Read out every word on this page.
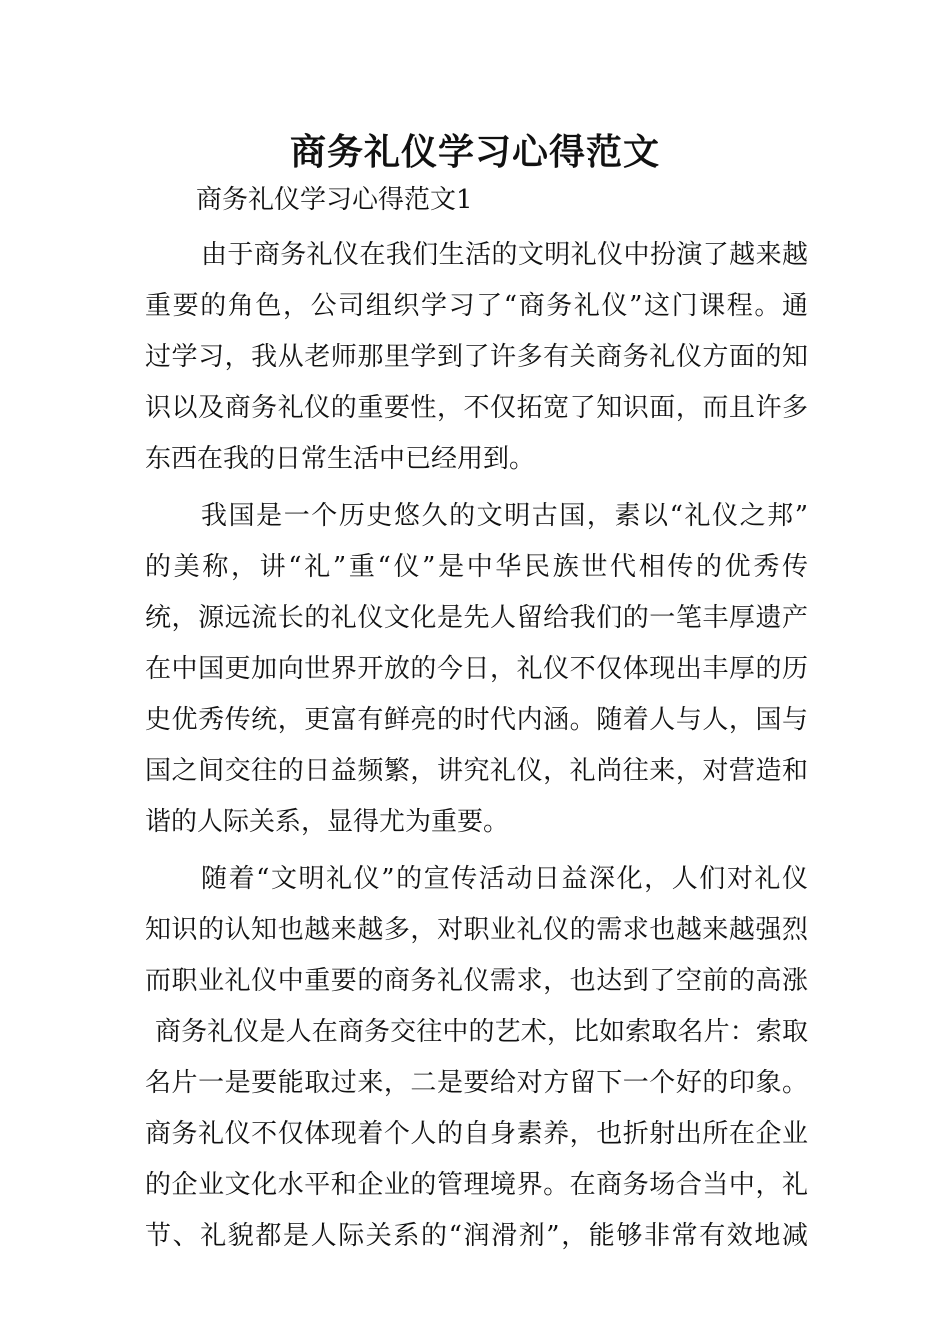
商务礼仪学习心得范文
商务礼仪学习心得范文1
由于商务礼仪在我们生活的文明礼仪中扮演了越来越
重要的角色，公司组织学习了“商务礼仪”这门课程。通
过学习，我从老师那里学到了许多有关商务礼仪方面的知
识以及商务礼仪的重要性，不仅拓宽了知识面，而且许多
东西在我的日常生活中已经用到。
我国是一个历史悠久的文明古国，素以“礼仪之邦”
的美称，讲“礼”重“仪”是中华民族世代相传的优秀传
统，源远流长的礼仪文化是先人留给我们的一笔丰厚遗产
在中国更加向世界开放的今日，礼仪不仅体现出丰厚的历
史优秀传统，更富有鲜亮的时代内涵。随着人与人，国与
国之间交往的日益频繁，讲究礼仪，礼尚往来，对营造和
谐的人际关系，显得尤为重要。
随着“文明礼仪”的宣传活动日益深化，人们对礼仪
知识的认知也越来越多，对职业礼仪的需求也越来越强烈
而职业礼仪中重要的商务礼仪需求，也达到了空前的高涨
商务礼仪是人在商务交往中的艺术，比如索取名片：索取
名片一是要能取过来，二是要给对方留下一个好的印象。
商务礼仪不仅体现着个人的自身素养，也折射出所在企业
的企业文化水平和企业的管理境界。在商务场合当中，礼
节、礼貌都是人际关系的“润滑剂”，能够非常有效地减
